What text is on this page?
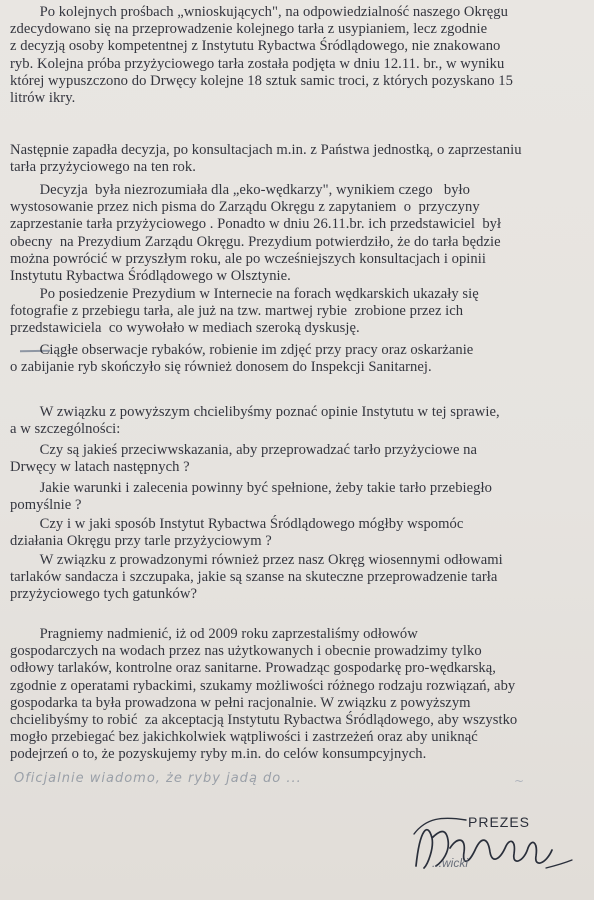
Po kolejnych prośbach „wnioskujących", na odpowiedzialność naszego Okręgu
zdecydowano się na przeprowadzenie kolejnego tarła z usypianiem, lecz zgodnie
z decyzją osoby kompetentnej z Instytutu Rybactwa Śródlądowego, nie znakowano
ryb. Kolejna próba przyżyciowego tarła została podjęta w dniu 12.11. br., w wyniku
której wypuszczono do Drwęcy kolejne 18 sztuk samic troci, z których pozyskano 15
litrów ikry.

Następnie zapadła decyzja, po konsultacjach m.in. z Państwa jednostką, o zaprzestaniu
tarła przyżyciowego na ten rok.

Decyzja  była niezrozumiała dla „eko-wędkarzy", wynikiem czego   było
wystosowanie przez nich pisma do Zarządu Okręgu z zapytaniem  o  przyczyny
zaprzestanie tarła przyżyciowego . Ponadto w dniu 26.11.br. ich przedstawiciel  był
obecny  na Prezydium Zarządu Okręgu. Prezydium potwierdziło, że do tarła będzie
można powrócić w przyszłym roku, ale po wcześniejszych konsultacjach i opinii
Instytutu Rybactwa Śródlądowego w Olsztynie.

Po posiedzenie Prezydium w Internecie na forach wędkarskich ukazały się
fotografie z przebiegu tarła, ale już na tzw. martwej rybie  zrobione przez ich
przedstawiciela  co wywołało w mediach szeroką dyskusję.

Ciągłe obserwacje rybaków, robienie im zdjęć przy pracy oraz oskarżanie
o zabijanie ryb skończyło się również donosem do Inspekcji Sanitarnej.

W związku z powyższym chcielibyśmy poznać opinie Instytutu w tej sprawie,
a w szczególności:

Czy są jakieś przeciwwskazania, aby przeprowadzać tarło przyżyciowe na
Drwęcy w latach następnych ?

Jakie warunki i zalecenia powinny być spełnione, żeby takie tarło przebiegło
pomyślnie ?

Czy i w jaki sposób Instytut Rybactwa Śródlądowego mógłby wspomóc
działania Okręgu przy tarle przyżyciowym ?

W związku z prowadzonymi również przez nasz Okręg wiosennymi odłowami
tarlaków sandacza i szczupaka, jakie są szanse na skuteczne przeprowadzenie tarła
przyżyciowego tych gatunków?

Pragniemy nadmienić, iż od 2009 roku zaprzestaliśmy odłowów
gospodarczych na wodach przez nas użytkowanych i obecnie prowadzimy tylko
odłowy tarlaków, kontrolne oraz sanitarne. Prowadząc gospodarkę pro-wędkarską,
zgodnie z operatami rybackimi, szukamy możliwości różnego rodzaju rozwiązań, aby
gospodarka ta była prowadzona w pełni racjonalnie. W związku z powyższym
chcielibyśmy to robić  za akceptacją Instytutu Rybactwa Śródlądowego, aby wszystko
mogło przebiegać bez jakichkolwiek wątpliwości i zastrzeżeń oraz aby uniknąć
podejrzeń o to, że pozyskujemy ryby m.in. do celów konsumpcyjnych.

Oficjalnie wiadomo, że ryby jadą do ...	~
PREZES
...wicki
